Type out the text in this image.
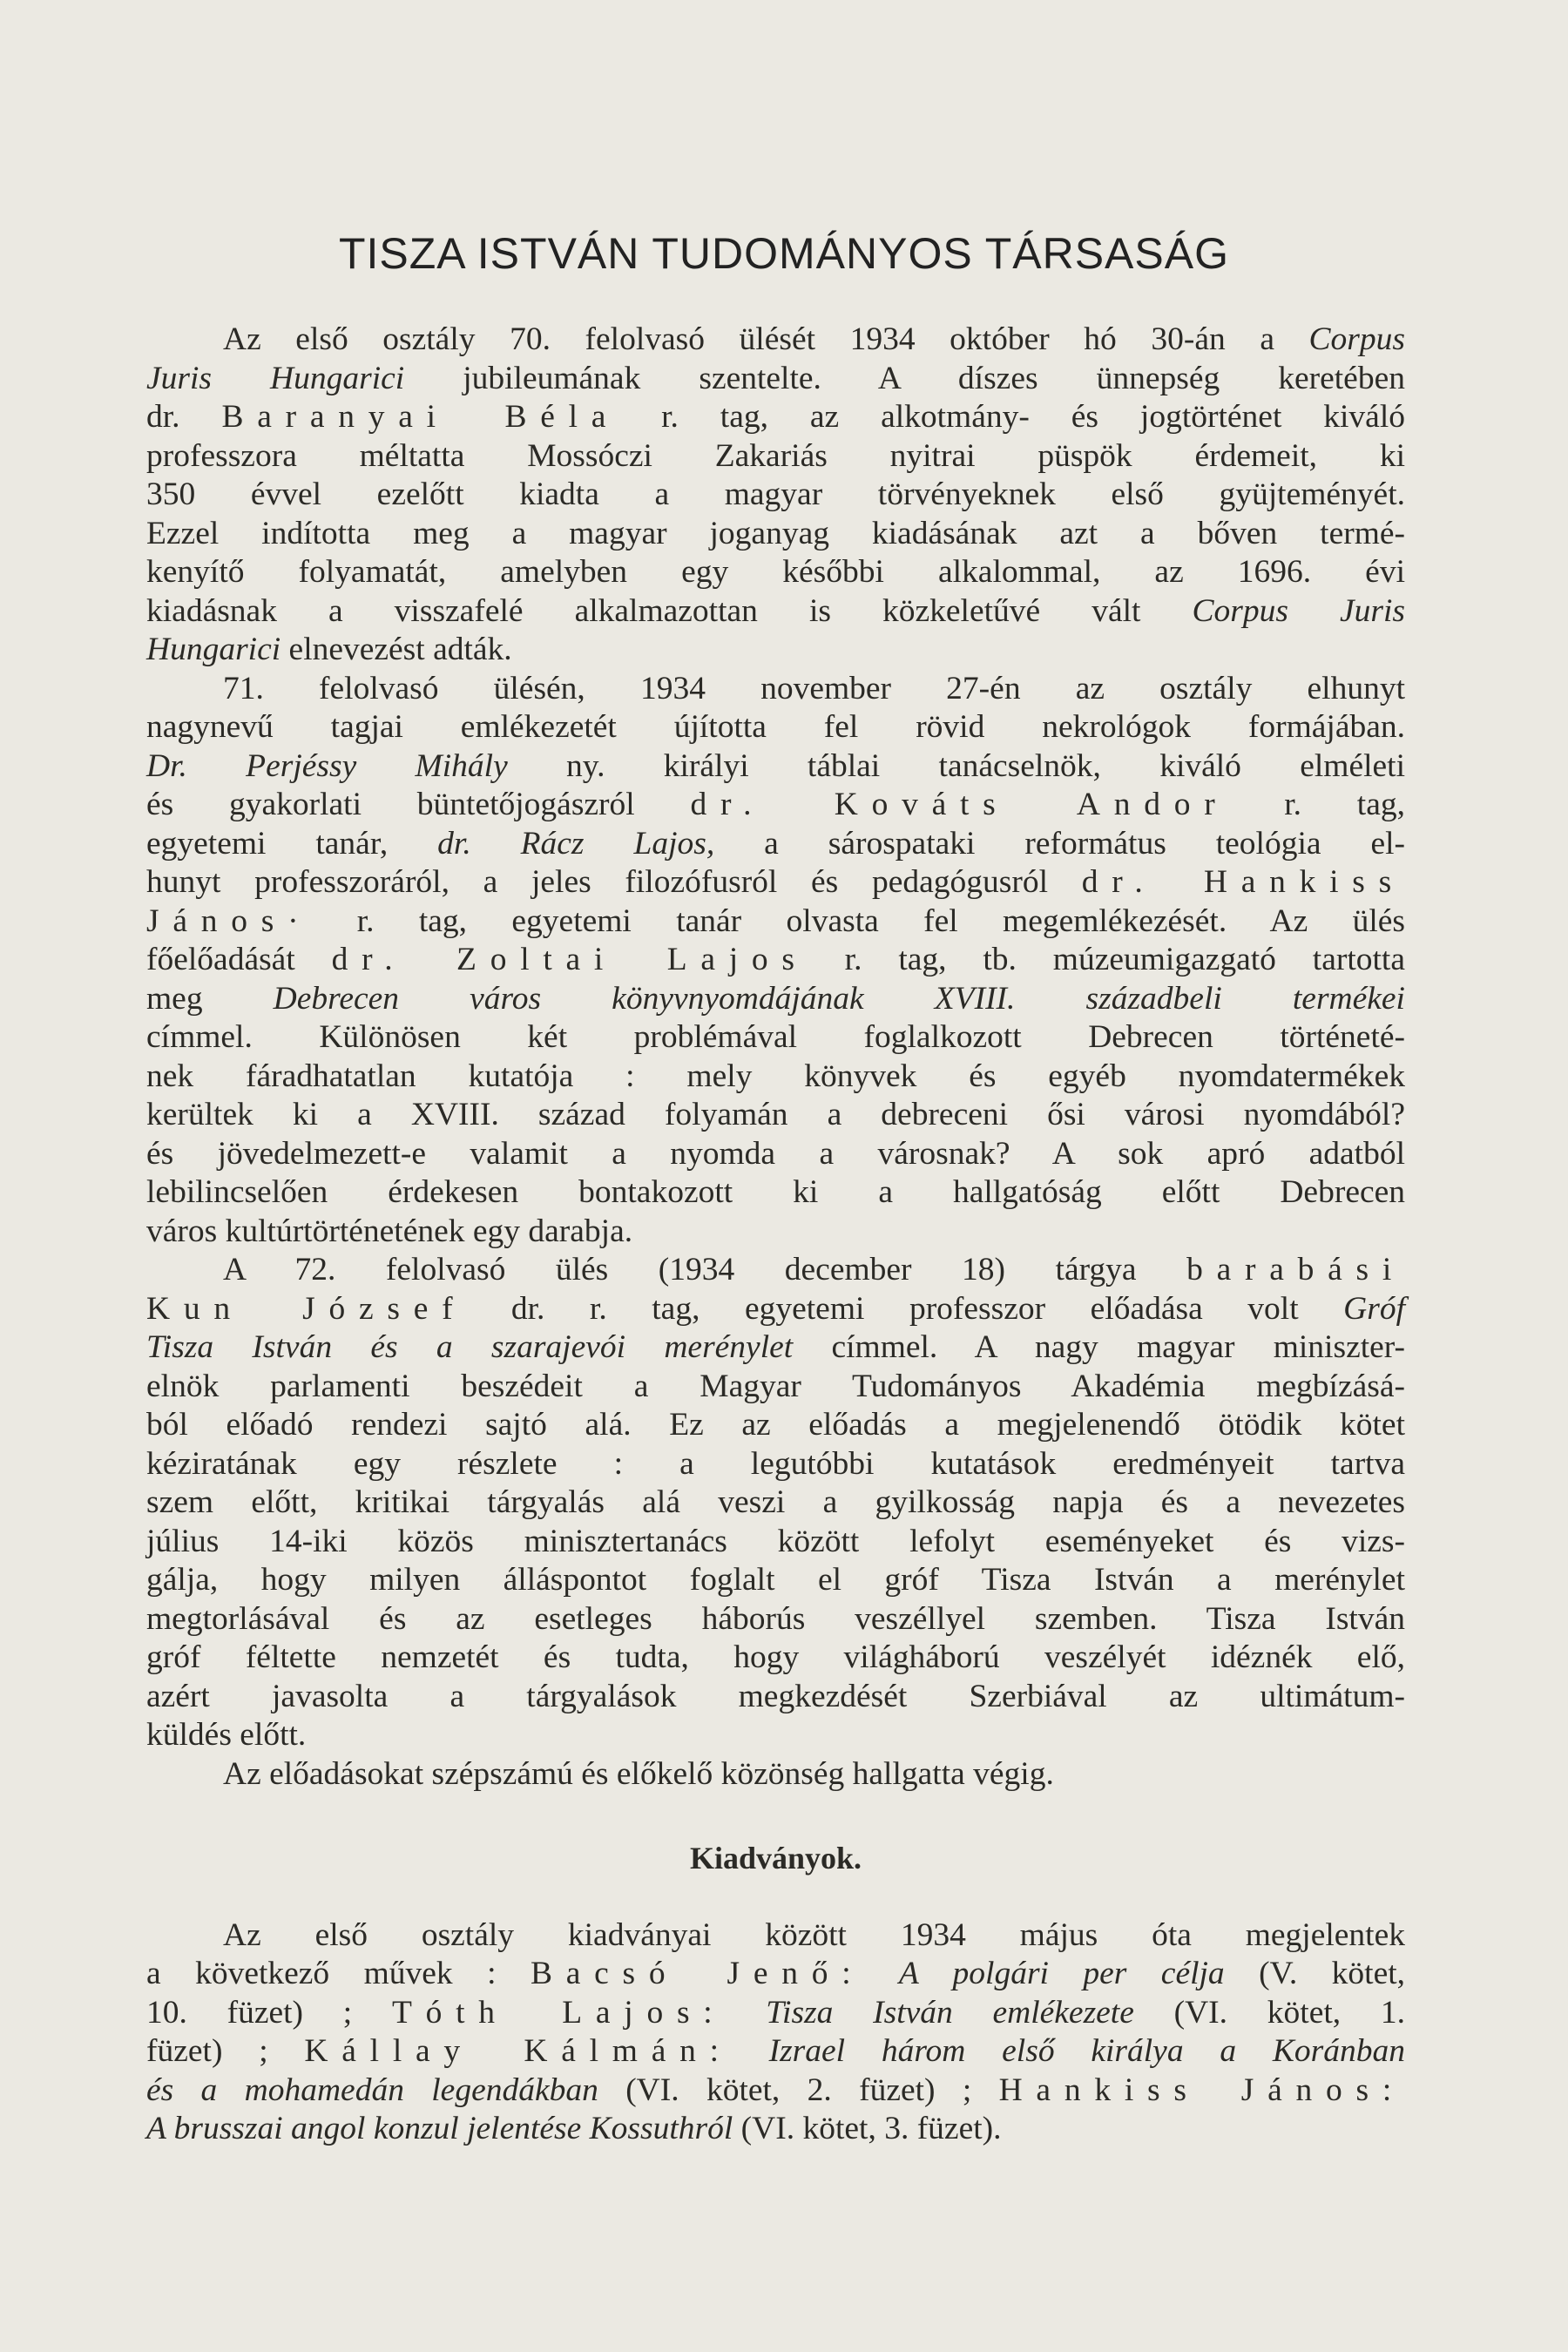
TISZA ISTVÁN TUDOMÁNYOS TÁRSASÁG
Az első osztály 70. felolvasó ülését 1934 október hó 30-án a Corpus
Juris Hungarici jubileumának szentelte. A díszes ünnepség keretében
dr. Baranyai Béla r. tag, az alkotmány- és jogtörténet kiváló
professzora méltatta Mossóczi Zakariás nyitrai püspök érdemeit, ki
350 évvel ezelőtt kiadta a magyar törvényeknek első gyüjteményét.
Ezzel indította meg a magyar joganyag kiadásának azt a bőven termé-
kenyítő folyamatát, amelyben egy későbbi alkalommal, az 1696. évi
kiadásnak a visszafelé alkalmazottan is közkeletűvé vált Corpus Juris
Hungarici elnevezést adták.
71. felolvasó ülésén, 1934 november 27-én az osztály elhunyt
nagynevű tagjai emlékezetét újította fel rövid nekrológok formájában.
Dr. Perjéssy Mihály ny. királyi táblai tanácselnök, kiváló elméleti
és gyakorlati büntetőjogászról dr. Kováts Andor r. tag,
egyetemi tanár, dr. Rácz Lajos, a sárospataki református teológia el-
hunyt professzoráról, a jeles filozófusról és pedagógusról dr. Hankiss
János· r. tag, egyetemi tanár olvasta fel megemlékezését. Az ülés
főelőadását dr. Zoltai Lajos r. tag, tb. múzeumigazgató tartotta
meg Debrecen város könyvnyomdájának XVIII. századbeli termékei
címmel. Különösen két problémával foglalkozott Debrecen történeté-
nek fáradhatatlan kutatója : mely könyvek és egyéb nyomdatermékek
kerültek ki a XVIII. század folyamán a debreceni ősi városi nyomdából?
és jövedelmezett-e valamit a nyomda a városnak? A sok apró adatból
lebilincselően érdekesen bontakozott ki a hallgatóság előtt Debrecen
város kultúrtörténetének egy darabja.
A 72. felolvasó ülés (1934 december 18) tárgya barabási
Kun József dr. r. tag, egyetemi professzor előadása volt Gróf
Tisza István és a szarajevói merénylet címmel. A nagy magyar miniszter-
elnök parlamenti beszédeit a Magyar Tudományos Akadémia megbízásá-
ból előadó rendezi sajtó alá. Ez az előadás a megjelenendő ötödik kötet
kéziratának egy részlete : a legutóbbi kutatások eredményeit tartva
szem előtt, kritikai tárgyalás alá veszi a gyilkosság napja és a nevezetes
július 14-iki közös minisztertanács között lefolyt eseményeket és vizs-
gálja, hogy milyen álláspontot foglalt el gróf Tisza István a merénylet
megtorlásával és az esetleges háborús veszéllyel szemben. Tisza István
gróf féltette nemzetét és tudta, hogy világháború veszélyét idéznék elő,
azért javasolta a tárgyalások megkezdését Szerbiával az ultimátum-
küldés előtt.
Az előadásokat szépszámú és előkelő közönség hallgatta végig.
Kiadványok.
Az első osztály kiadványai között 1934 május óta megjelentek
a következő művek : Bacsó Jenő: A polgári per célja (V. kötet,
10. füzet) ; Tóth Lajos: Tisza István emlékezete (VI. kötet, 1.
füzet) ; Kállay Kálmán: Izrael három első királya a Koránban
és a mohamedán legendákban (VI. kötet, 2. füzet) ; Hankiss János:
A brusszai angol konzul jelentése Kossuthról (VI. kötet, 3. füzet).
